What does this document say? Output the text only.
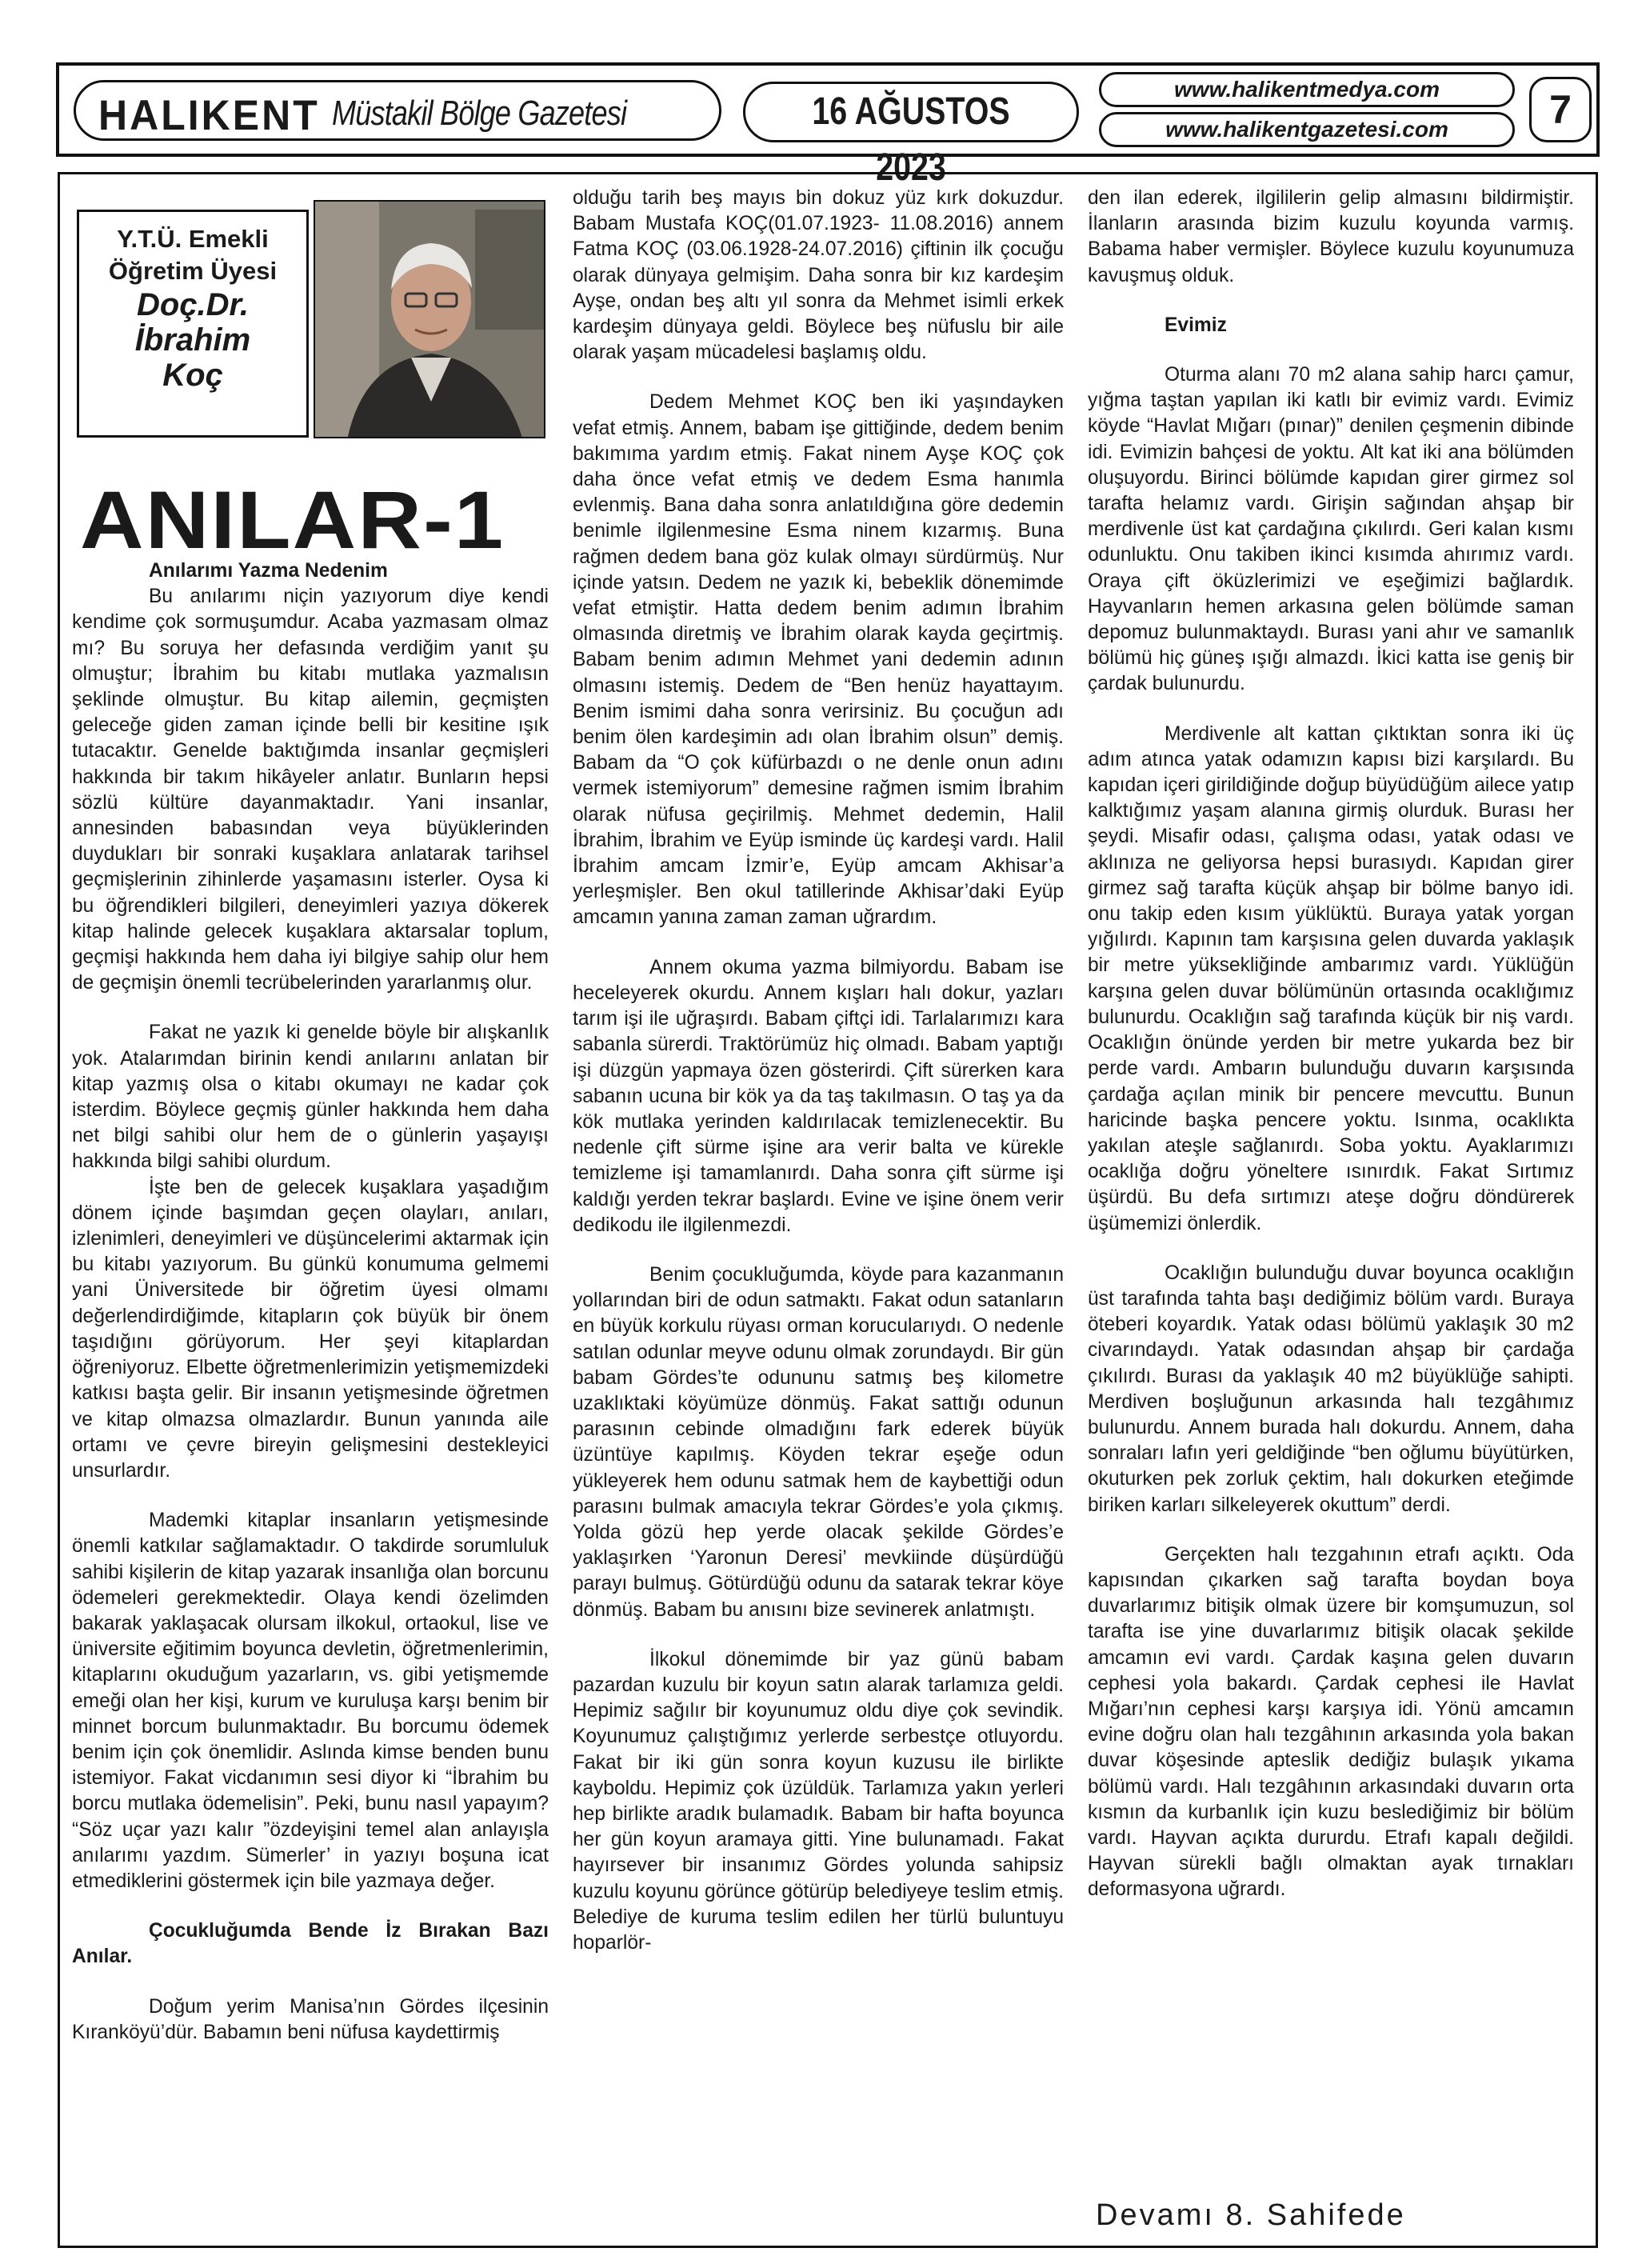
HALIKENT Müstakil Bölge Gazetesi	16 AĞUSTOS 2023
www.halikentmedya.com
www.halikentgazetesi.com	7
Y.T.Ü. Emekli
Öğretim Üyesi
Doç.Dr.
İbrahim
Koç
ANILAR-1

Anılarımı Yazma Nedenim

Bu anılarımı niçin yazıyorum diye kendi kendime çok sormuşumdur. Acaba yazmasam olmaz mı? Bu soruya her defasında verdiğim yanıt şu olmuştur; İbrahim bu kitabı mutlaka yazmalısın şeklinde olmuştur. Bu kitap ailemin, geçmişten geleceğe giden zaman içinde belli bir kesitine ışık tutacaktır. Genelde baktığımda insanlar geçmişleri hakkında bir takım hikâyeler anlatır. Bunların hepsi sözlü kültüre dayanmaktadır. Yani insanlar, annesinden babasından veya büyüklerinden duydukları bir sonraki kuşaklara anlatarak tarihsel geçmişlerinin zihinlerde yaşamasını isterler. Oysa ki bu öğrendikleri bilgileri, deneyimleri yazıya dökerek kitap halinde gelecek kuşaklara aktarsalar toplum, geçmişi hakkında hem daha iyi bilgiye sahip olur hem de geçmişin önemli tecrübelerinden yararlanmış olur.

Fakat ne yazık ki genelde böyle bir alışkanlık yok. Atalarımdan birinin kendi anılarını anlatan bir kitap yazmış olsa o kitabı okumayı ne kadar çok isterdim. Böylece geçmiş günler hakkında hem daha net bilgi sahibi olur hem de o günlerin yaşayışı hakkında bilgi sahibi olurdum.

İşte ben de gelecek kuşaklara yaşadığım dönem içinde başımdan geçen olayları, anıları, izlenimleri, deneyimleri ve düşüncelerimi aktarmak için bu kitabı yazıyorum. Bu günkü konumuma gelmemi yani Üniversitede bir öğretim üyesi olmamı değerlendirdiğimde, kitapların çok büyük bir önem taşıdığını görüyorum. Her şeyi kitaplardan öğreniyoruz. Elbette öğretmenlerimizin yetişmemizdeki katkısı başta gelir. Bir insanın yetişmesinde öğretmen ve kitap olmazsa olmazlardır. Bunun yanında aile ortamı ve çevre bireyin gelişmesini destekleyici unsurlardır.

Mademki kitaplar insanların yetişmesinde önemli katkılar sağlamaktadır. O takdirde sorumluluk sahibi kişilerin de kitap yazarak insanlığa olan borcunu ödemeleri gerekmektedir. Olaya kendi özelimden bakarak yaklaşacak olursam ilkokul, ortaokul, lise ve üniversite eğitimim boyunca devletin, öğretmenlerimin, kitaplarını okuduğum yazarların, vs. gibi yetişmemde emeği olan her kişi, kurum ve kuruluşa karşı benim bir minnet borcum bulunmaktadır. Bu borcumu ödemek benim için çok önemlidir. Aslında kimse benden bunu istemiyor. Fakat vicdanımın sesi diyor ki “İbrahim bu borcu mutlaka ödemelisin”. Peki, bunu nasıl yapayım? “Söz uçar yazı kalır ”özdeyişini temel alan anlayışla anılarımı yazdım. Sümerler’ in yazıyı boşuna icat etmediklerini göstermek için bile yazmaya değer.

Çocukluğumda Bende İz Bırakan Bazı Anılar.

Doğum yerim Manisa’nın Gördes ilçesinin Kıranköyü’dür. Babamın beni nüfusa kaydettirmiş

olduğu tarih beş mayıs bin dokuz yüz kırk dokuzdur. Babam Mustafa KOÇ(01.07.1923- 11.08.2016) annem Fatma KOÇ (03.06.1928-24.07.2016) çiftinin ilk çocuğu olarak dünyaya gelmişim. Daha sonra bir kız kardeşim Ayşe, ondan beş altı yıl sonra da Mehmet isimli erkek kardeşim dünyaya geldi. Böylece beş nüfuslu bir aile olarak yaşam mücadelesi başlamış oldu.

Dedem Mehmet KOÇ ben iki yaşındayken vefat etmiş. Annem, babam işe gittiğinde, dedem benim bakımıma yardım etmiş. Fakat ninem Ayşe KOÇ çok daha önce vefat etmiş ve dedem Esma hanımla evlenmiş. Bana daha sonra anlatıldığına göre dedemin benimle ilgilenmesine Esma ninem kızarmış. Buna rağmen dedem bana göz kulak olmayı sürdürmüş. Nur içinde yatsın. Dedem ne yazık ki, bebeklik dönemimde vefat etmiştir. Hatta dedem benim adımın İbrahim olmasında diretmiş ve İbrahim olarak kayda geçirtmiş. Babam benim adımın Mehmet yani dedemin adının olmasını istemiş. Dedem de “Ben henüz hayattayım. Benim ismimi daha sonra verirsiniz. Bu çocuğun adı benim ölen kardeşimin adı olan İbrahim olsun” demiş. Babam da “O çok küfürbazdı o ne denle onun adını vermek istemiyorum” demesine rağmen ismim İbrahim olarak nüfusa geçirilmiş. Mehmet dedemin, Halil İbrahim, İbrahim ve Eyüp isminde üç kardeşi vardı. Halil İbrahim amcam İzmir’e, Eyüp amcam Akhisar’a yerleşmişler. Ben okul tatillerinde Akhisar’daki Eyüp amcamın yanına zaman zaman uğrardım.

Annem okuma yazma bilmiyordu. Babam ise heceleyerek okurdu. Annem kışları halı dokur, yazları tarım işi ile uğraşırdı. Babam çiftçi idi. Tarlalarımızı kara sabanla sürerdi. Traktörümüz hiç olmadı. Babam yaptığı işi düzgün yapmaya özen gösterirdi. Çift sürerken kara sabanın ucuna bir kök ya da taş takılmasın. O taş ya da kök mutlaka yerinden kaldırılacak temizlenecektir. Bu nedenle çift sürme işine ara verir balta ve kürekle temizleme işi tamamlanırdı. Daha sonra çift sürme işi kaldığı yerden tekrar başlardı. Evine ve işine önem verir dedikodu ile ilgilenmezdi.

Benim çocukluğumda, köyde para kazanmanın yollarından biri de odun satmaktı. Fakat odun satanların en büyük korkulu rüyası orman korucularıydı. O nedenle satılan odunlar meyve odunu olmak zorundaydı. Bir gün babam Gördes’te odununu satmış beş kilometre uzaklıktaki köyümüze dönmüş. Fakat sattığı odunun parasının cebinde olmadığını fark ederek büyük üzüntüye kapılmış. Köyden tekrar eşeğe odun yükleyerek hem odunu satmak hem de kaybettiği odun parasını bulmak amacıyla tekrar Gördes’e yola çıkmış. Yolda gözü hep yerde olacak şekilde Gördes’e yaklaşırken ‘Yaronun Deresi’ mevkiinde düşürdüğü parayı bulmuş. Götürdüğü odunu da satarak tekrar köye dönmüş. Babam bu anısını bize sevinerek anlatmıştı.

İlkokul dönemimde bir yaz günü babam pazardan kuzulu bir koyun satın alarak tarlamıza geldi. Hepimiz sağılır bir koyunumuz oldu diye çok sevindik. Koyunumuz çalıştığımız yerlerde serbestçe otluyordu. Fakat bir iki gün sonra koyun kuzusu ile birlikte kayboldu. Hepimiz çok üzüldük. Tarlamıza yakın yerleri hep birlikte aradık bulamadık. Babam bir hafta boyunca her gün koyun aramaya gitti. Yine bulunamadı. Fakat hayırsever bir insanımız Gördes yolunda sahipsiz kuzulu koyunu görünce götürüp belediyeye teslim etmiş. Belediye de kuruma teslim edilen her türlü buluntuyu hoparlör-

den ilan ederek, ilgililerin gelip almasını bildirmiştir. İlanların arasında bizim kuzulu koyunda varmış. Babama haber vermişler. Böylece kuzulu koyunumuza kavuşmuş olduk.

Evimiz

Oturma alanı 70 m2 alana sahip harcı çamur, yığma taştan yapılan iki katlı bir evimiz vardı. Evimiz köyde “Havlat Mığarı (pınar)” denilen çeşmenin dibinde idi. Evimizin bahçesi de yoktu. Alt kat iki ana bölümden oluşuyordu. Birinci bölümde kapıdan girer girmez sol tarafta helamız vardı. Girişin sağından ahşap bir merdivenle üst kat çardağına çıkılırdı. Geri kalan kısmı odunluktu. Onu takiben ikinci kısımda ahırımız vardı. Oraya çift öküzlerimizi ve eşeğimizi bağlardık. Hayvanların hemen arkasına gelen bölümde saman depomuz bulunmaktaydı. Burası yani ahır ve samanlık bölümü hiç güneş ışığı almazdı. İkici katta ise geniş bir çardak bulunurdu.

Merdivenle alt kattan çıktıktan sonra iki üç adım atınca yatak odamızın kapısı bizi karşılardı. Bu kapıdan içeri girildiğinde doğup büyüdüğüm ailece yatıp kalktığımız yaşam alanına girmiş olurduk. Burası her şeydi. Misafir odası, çalışma odası, yatak odası ve aklınıza ne geliyorsa hepsi burasıydı. Kapıdan girer girmez sağ tarafta küçük ahşap bir bölme banyo idi. onu takip eden kısım yüklüktü. Buraya yatak yorgan yığılırdı. Kapının tam karşısına gelen duvarda yaklaşık bir metre yüksekliğinde ambarımız vardı. Yüklüğün karşına gelen duvar bölümünün ortasında ocaklığımız bulunurdu. Ocaklığın sağ tarafında küçük bir niş vardı. Ocaklığın önünde yerden bir metre yukarda bez bir perde vardı. Ambarın bulunduğu duvarın karşısında çardağa açılan minik bir pencere mevcuttu. Bunun haricinde başka pencere yoktu. Isınma, ocaklıkta yakılan ateşle sağlanırdı. Soba yoktu. Ayaklarımızı ocaklığa doğru yöneltere ısınırdık. Fakat Sırtımız üşürdü. Bu defa sırtımızı ateşe doğru döndürerek üşümemizi önlerdik.

Ocaklığın bulunduğu duvar boyunca ocaklığın üst tarafında tahta başı dediğimiz bölüm vardı. Buraya öteberi koyardık. Yatak odası bölümü yaklaşık 30 m2 civarındaydı. Yatak odasından ahşap bir çardağa çıkılırdı. Burası da yaklaşık 40 m2 büyüklüğe sahipti. Merdiven boşluğunun arkasında halı tezgâhımız bulunurdu. Annem burada halı dokurdu. Annem, daha sonraları lafın yeri geldiğinde “ben oğlumu büyütürken, okuturken pek zorluk çektim, halı dokurken eteğimde biriken karları silkeleyerek okuttum” derdi.

Gerçekten halı tezgahının etrafı açıktı. Oda kapısından çıkarken sağ tarafta boydan boya duvarlarımız bitişik olmak üzere bir komşumuzun, sol tarafta ise yine duvarlarımız bitişik olacak şekilde amcamın evi vardı. Çardak kaşına gelen duvarın cephesi yola bakardı. Çardak cephesi ile Havlat Mığarı’nın cephesi karşı karşıya idi. Yönü amcamın evine doğru olan halı tezgâhının arkasında yola bakan duvar köşesinde apteslik dediğiz bulaşık yıkama bölümü vardı. Halı tezgâhının arkasındaki duvarın orta kısmın da kurbanlık için kuzu beslediğimiz bir bölüm vardı. Hayvan açıkta dururdu. Etrafı kapalı değildi. Hayvan sürekli bağlı olmaktan ayak tırnakları deformasyona uğrardı.

Devamı 8. Sahifede
